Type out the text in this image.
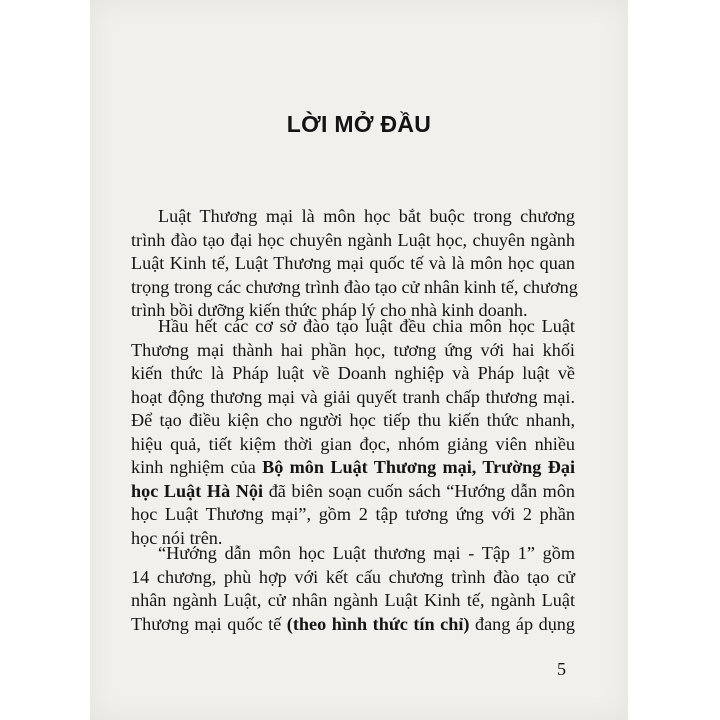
LỜI MỞ ĐẦU
Luật Thương mại là môn học bắt buộc trong chương
trình đào tạo đại học chuyên ngành Luật học, chuyên ngành
Luật Kinh tế, Luật Thương mại quốc tế và là môn học quan
trọng trong các chương trình đào tạo cử nhân kinh tế, chương
trình bồi dưỡng kiến thức pháp lý cho nhà kinh doanh.
Hầu hết các cơ sở đào tạo luật đều chia môn học Luật
Thương mại thành hai phần học, tương ứng với hai khối
kiến thức là Pháp luật về Doanh nghiệp và Pháp luật về
hoạt động thương mại và giải quyết tranh chấp thương mại.
Để tạo điều kiện cho người học tiếp thu kiến thức nhanh,
hiệu quả, tiết kiệm thời gian đọc, nhóm giảng viên nhiều
kinh nghiệm của Bộ môn Luật Thương mại, Trường Đại
học Luật Hà Nội đã biên soạn cuốn sách “Hướng dẫn môn
học Luật Thương mại”, gồm 2 tập tương ứng với 2 phần
học nói trên.
“Hướng dẫn môn học Luật thương mại - Tập 1” gồm
14 chương, phù hợp với kết cấu chương trình đào tạo cử
nhân ngành Luật, cử nhân ngành Luật Kinh tế, ngành Luật
Thương mại quốc tế (theo hình thức tín chỉ) đang áp dụng
5
